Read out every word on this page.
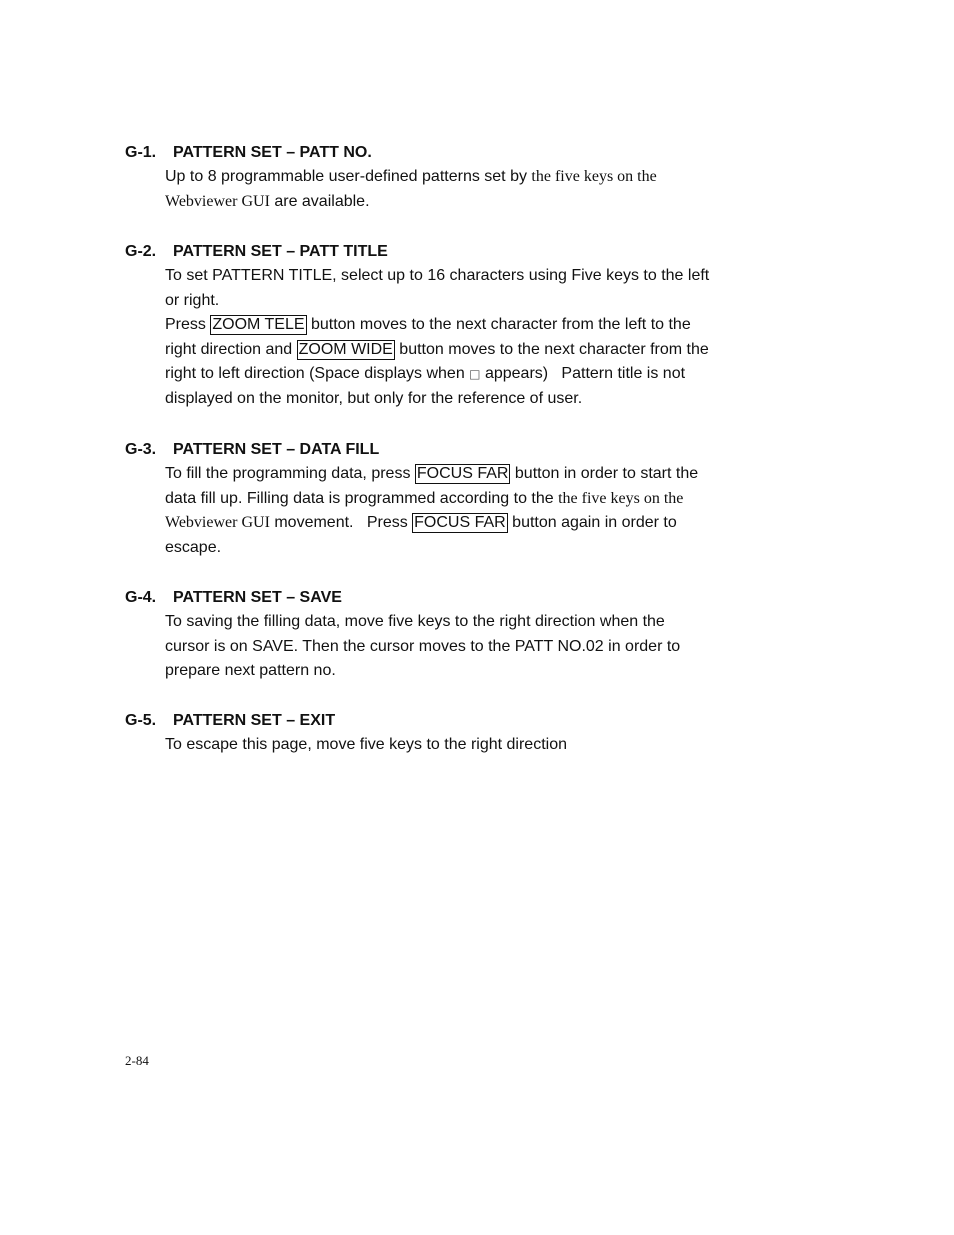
G-1. PATTERN SET – PATT NO.
Up to 8 programmable user-defined patterns set by the five keys on the Webviewer GUI are available.
G-2. PATTERN SET – PATT TITLE
To set PATTERN TITLE, select up to 16 characters using Five keys to the left or right.
Press ZOOM TELE button moves to the next character from the left to the right direction and ZOOM WIDE button moves to the next character from the right to left direction (Space displays when □ appears)   Pattern title is not displayed on the monitor, but only for the reference of user.
G-3. PATTERN SET – DATA FILL
To fill the programming data, press FOCUS FAR button in order to start the data fill up. Filling data is programmed according to the the five keys on the Webviewer GUI movement.   Press FOCUS FAR button again in order to escape.
G-4. PATTERN SET – SAVE
To saving the filling data, move five keys to the right direction when the cursor is on SAVE. Then the cursor moves to the PATT NO.02 in order to prepare next pattern no.
G-5. PATTERN SET – EXIT
To escape this page, move five keys to the right direction
2-84
